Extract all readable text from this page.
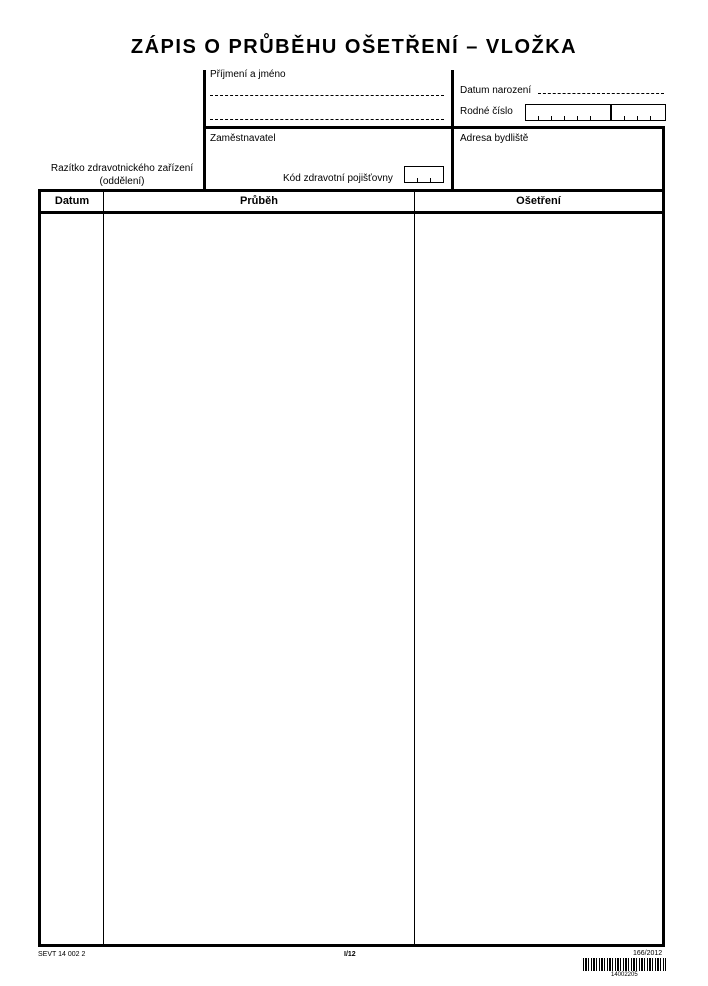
ZÁPIS O PRŮBĚHU OŠETŘENÍ – VLOŽKA
Příjmení a jméno
Datum narození
Rodné číslo
Zaměstnavatel	Adresa bydliště
Razítko zdravotnického zařízení
(oddělení)	Kód zdravotní pojišťovny
Datum	Průběh	Ošetření
SEVT 14 002 2	I/12	166/2012
14002205
